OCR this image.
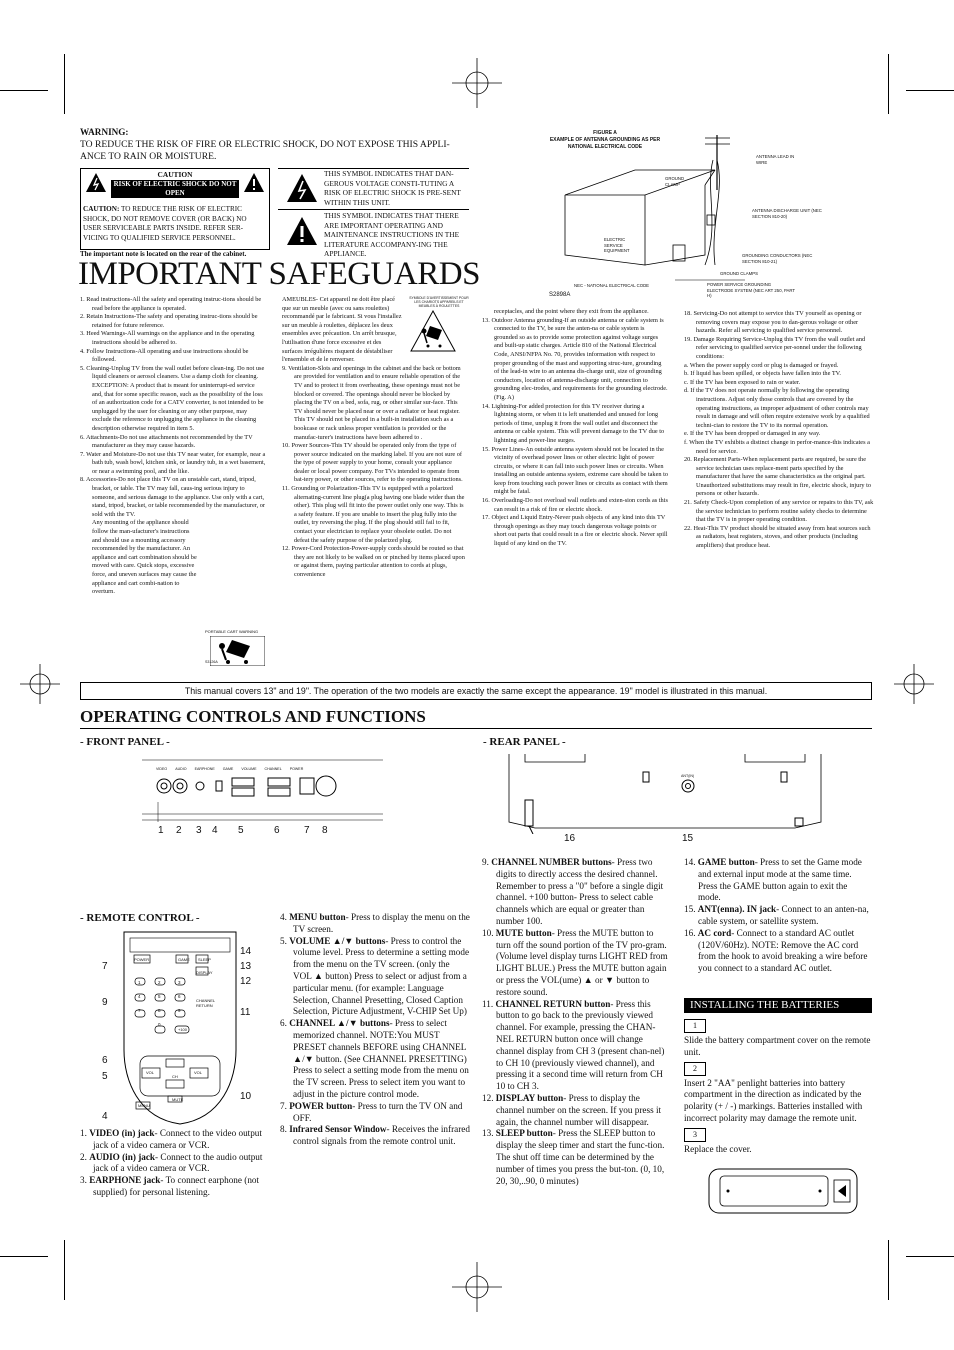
WARNING:
TO REDUCE THE RISK OF FIRE OR ELECTRIC SHOCK, DO NOT EXPOSE THIS APPLI-ANCE TO RAIN OR MOISTURE.
CAUTION
RISK OF ELECTRIC SHOCK DO NOT OPEN
CAUTION: TO REDUCE THE RISK OF ELECTRIC SHOCK, DO NOT REMOVE COVER (OR BACK) NO USER SERVICEABLE PARTS INSIDE. REFER SER-VICING TO QUALIFIED SERVICE PERSONNEL.
The important note is located on the rear of the cabinet.
THIS SYMBOL INDICATES THAT DAN-GEROUS VOLTAGE CONSTI-TUTING A RISK OF ELECTRIC SHOCK IS PRE-SENT WITHIN THIS UNIT.
THIS SYMBOL INDICATES THAT THERE ARE IMPORTANT OPERATING AND MAINTENANCE INSTRUCTIONS IN THE LITERATURE ACCOMPANY-ING THE APPLIANCE.
FIGURE A
EXAMPLE OF ANTENNA GROUNDING AS PER NATIONAL ELECTRICAL CODE
ANTENNA LEAD IN WIRE
GROUND CLAMP
ANTENNA DISCHARGE UNIT (NEC SECTION 810-20)
ELECTRIC SERVICE EQUIPMENT
GROUNDING CONDUCTORS (NEC SECTION 810-21)
GROUND CLAMPS
NEC - NATIONAL ELECTRICAL CODE	POWER SERVICE GROUNDING ELECTRODE SYSTEM (NEC ART 250, PART H)
S2898A
IMPORTANT SAFEGUARDS
1. Read instructions-All the safety and operating instruc-tions should be read before the appliance is operated.
2. Retain Instructions-The safety and operating instruc-tions should be retained for future reference.
3. Heed Warnings-All warnings on the appliance and in the operating instructions should be adhered to.
4. Follow Instructions-All operating and use instructions should be followed.
5. Cleaning-Unplug TV from the wall outlet before clean-ing. Do not use liquid cleaners or aerosol cleaners. Use a damp cloth for cleaning.
EXCEPTION: A product that is meant for uninterrupt-ed service and, that for some specific reason, such as the possibility of the loss of an authorization code for a CATV converter, is not intended to be unplugged by the user for cleaning or any other purpose, may exclude the reference to unplugging the appliance in the cleaning description otherwise required in item 5.
6. Attachments-Do not use attachments not recommended by the TV manufacturer as they may cause hazards.
7. Water and Moisture-Do not use this TV near water, for example, near a bath tub, wash bowl, kitchen sink, or laundry tub, in a wet basement, or near a swimming pool, and the like.
8. Accessories-Do not place this TV on an unstable cart, stand, tripod, bracket, or table. The TV may fall, caus-ing serious injury to someone, and serious damage to the appliance. Use only with a cart, stand, tripod, bracket, or table recommended by the manufacturer, or sold with the TV.
Any mounting of the appliance should follow the man-ufacturer's instructions and should use a mounting accessory recommended by the manufacturer. An appliance and cart combination should be moved with care. Quick stops, excessive force, and uneven surfaces may cause the appliance and cart combi-nation to overturn.
PORTABLE CART WARNING
S3126A
AMEUBLES- Cet appareil ne doit être placé que sur un meuble (avec ou sans roulettes) recommandé par le fabricant. Si vous l'installez sur un meuble à roulettes, déplacez les deux ensembles avec précaution. Un arrêt brusque, l'utilisation d'une force excessive et des surfaces irrégulières risquent de déstabiliser l'ensemble et de le renverser.
9. Ventilation-Slots and openings in the cabinet and the back or bottom are provided for ventilation and to ensure reliable operation of the TV and to protect it from overheating, these openings must not be blocked or covered. The openings should never be blocked by placing the TV on a bed, sofa, rug, or other similar sur-face. This TV should never be placed near or over a radiator or heat register. This TV should not be placed in a built-in installation such as a bookcase or rack unless proper ventilation is provided or the manufac-turer's instructions have been adhered to .
10. Power Sources-This TV should be operated only from the type of power source indicated on the marking label. If you are not sure of the type of power supply to your home, consult your appliance dealer or local power company. For TVs intended to operate from bat-tery power, or other sources, refer to the operating instructions.
11. Grounding or Polarization-This TV is equipped with a polarized alternating-current line plug(a plug having one blade wider than the other). This plug will fit into the power outlet only one way. This is a safety feature. If you are unable to insert the plug fully into the outlet, try reversing the plug. If the plug should still fail to fit, contact your electrician to replace your obsolete outlet. Do not defeat the safety purpose of the polarized plug.
12. Power-Cord Protection-Power-supply cords should be routed so that they are not likely to be walked on or pinched by items placed upon or against them, paying particular attention to cords at plugs, convenience
SYMBOLE D'AVERTISSEMENT POUR LES CHARIOTS APPAREILS ET MEUBLES À ROULETTES
receptacles, and the point where they exit from the appliance.
13. Outdoor Antenna grounding-If an outside antenna or cable system is connected to the TV, be sure the anten-na or cable system is grounded so as to provide some protection against voltage surges and built-up static charges. Article 810 of the National Electrical Code, ANSI/NFPA No. 70, provides information with respect to proper grounding of the mast and supporting struc-ture, grounding of the lead-in wire to an antenna dis-charge unit, size of grounding conductors, location of antenna-discharge unit, connection to grounding elec-trodes, and requirements for the grounding electrode. (Fig. A)
14. Lightning-For added protection for this TV receiver during a lightning storm, or when it is left unattended and unused for long periods of time, unplug it from the wall outlet and disconnect the antenna or cable system. This will prevent damage to the TV due to lightning and power-line surges.
15. Power Lines-An outside antenna system should not be located in the vicinity of overhead power lines or other electric light of power circuits, or where it can fall into such power lines or circuits. When installing an outside antenna system, extreme care should be taken to keep from touching such power lines or circuits as contact with them might be fatal.
16. Overloading-Do not overload wall outlets and exten-sion cords as this can result in a risk of fire or electric shock.
17. Object and Liquid Entry-Never push objects of any kind into this TV through openings as they may touch dangerous voltage points or short out parts that could result in a fire or electric shock. Never spill liquid of any kind on the TV.
18. Servicing-Do not attempt to service this TV yourself as opening or removing covers may expose you to dan-gerous voltage or other hazards. Refer all servicing to qualified service personnel.
19. Damage Requiring Service-Unplug this TV from the wall outlet and refer servicing to qualified service per-sonnel under the following conditions:
a. When the power supply cord or plug is damaged or frayed.
b. If liquid has been spilled, or objects have fallen into the TV.
c. If the TV has been exposed to rain or water.
d. If the TV does not operate normally by following the operating instructions. Adjust only those controls that are covered by the operating instructions, as improper adjustment of other controls may result in damage and will often require extensive work by a qualified techni-cian to restore the TV to its normal operation.
e. If the TV has been dropped or damaged in any way.
f. When the TV exhibits a distinct change in perfor-mance-this indicates a need for service.
20. Replacement Parts-When replacement parts are required, be sure the service technician uses replace-ment parts specified by the manufacturer that have the same characteristics as the original part. Unauthorized substitutions may result in fire, electric shock, injury to persons or other hazards.
21. Safety Check-Upon completion of any service or repairs to this TV, ask the service technician to perform routine safety checks to determine that the TV is in proper operating condition.
22. Heat-This TV product should be situated away from heat sources such as radiators, heat registers, stoves, and other products (including amplifiers) that produce heat.
This manual covers 13" and 19". The operation of the two models are exactly the same except the appearance. 19" model is illustrated in this manual.
OPERATING CONTROLS AND FUNCTIONS
- FRONT PANEL -	- REAR PANEL -
VIDEO AUDIO EARPHONE GAME VOLUME CHANNEL POWER
1 2 3 4 5	6 7 8
ANT(IN)
16	15
- REMOTE CONTROL -
POWER	GAME SLEEP
DISPLAY
CHANNEL RETURN
+100
VOL	VOL
CH
MUTE
MENU
1	2	3
4	5	6
7	8	9
0
14
13
12
11
10
7
9
6
5
4
1. VIDEO (in) jack- Connect to the video output jack of a video camera or VCR.
2. AUDIO (in) jack- Connect to the audio output jack of a video camera or VCR.
3. EARPHONE jack- To connect earphone (not supplied) for personal listening.
4. MENU button- Press to display the menu on the TV screen.
5. VOLUME ▲/▼ buttons- Press to control the volume level. Press to determine a setting mode from the menu on the TV screen. (only the VOL ▲ button) Press to select or adjust from a particular menu. (for example: Language Selection, Channel Presetting, Closed Caption Selection, Picture Adjustment, V-CHIP Set Up)
6. CHANNEL ▲/▼ buttons- Press to select memorized channel. NOTE:You MUST PRESET channels BEFORE using CHANNEL ▲/▼ button. (See CHANNEL PRESETTING) Press to select a setting mode from the menu on the TV screen. Press to select item you want to adjust in the picture control mode.
7. POWER button- Press to turn the TV ON and OFF.
8. Infrared Sensor Window- Receives the infrared control signals from the remote control unit.
9. CHANNEL NUMBER buttons- Press two digits to directly access the desired channel. Remember to press a "0" before a single digit channel. +100 button- Press to select cable channels which are equal or greater than number 100.
10. MUTE button- Press the MUTE button to turn off the sound portion of the TV pro-gram. (Volume level display turns LIGHT RED from LIGHT BLUE.) Press the MUTE button again or press the VOL(ume) ▲ or ▼ button to restore sound.
11. CHANNEL RETURN button- Press this button to go back to the previously viewed channel. For example, pressing the CHAN-NEL RETURN button once will change channel display from CH 3 (present chan-nel) to CH 10 (previously viewed channel), and pressing it a second time will return from CH 10 to CH 3.
12. DISPLAY button- Press to display the channel number on the screen. If you press it again, the channel number will disappear.
13. SLEEP button- Press the SLEEP button to display the sleep timer and start the func-tion. The shut off time can be determined by the number of times you press the but-ton. (0, 10, 20, 30,..90, 0 minutes)
14. GAME button- Press to set the Game mode and external input mode at the same time. Press the GAME button again to exit the mode.
15. ANT(enna). IN jack- Connect to an anten-na, cable system, or satellite system.
16. AC cord- Connect to a standard AC outlet (120V/60Hz). NOTE: Remove the AC cord from the hook to avoid breaking a wire before you connect to a standard AC outlet.
INSTALLING THE BATTERIES
1
Slide the battery compartment cover on the remote unit.
2
Insert 2 "AA" penlight batteries into battery compartment in the direction as indicated by the polarity (+ / -) markings. Batteries installed with incorrect polarity may damage the remote unit.
3
Replace the cover.
